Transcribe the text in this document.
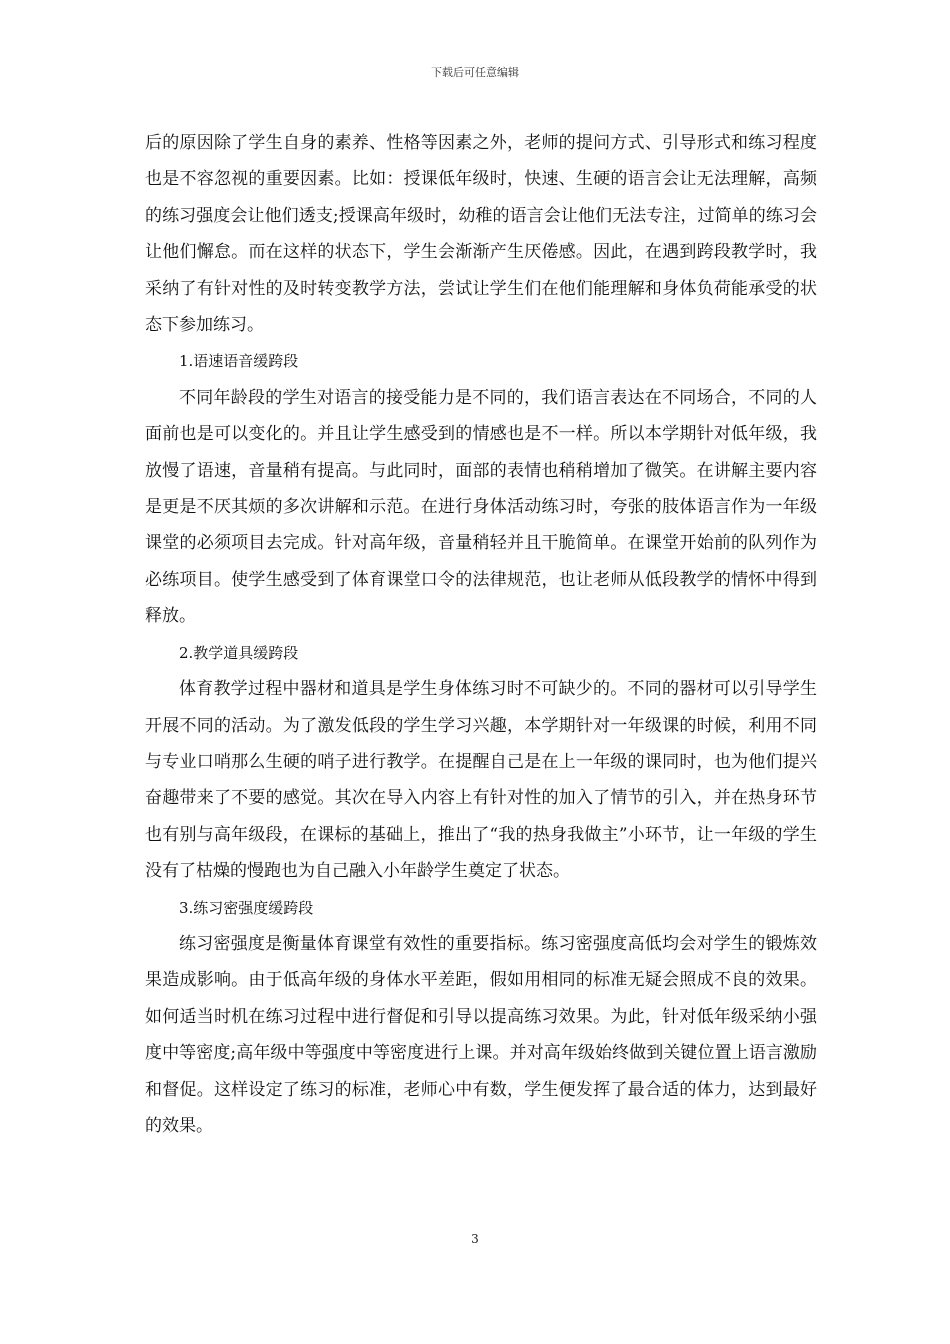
下载后可任意编辑

后的原因除了学生自身的素养、性格等因素之外，老师的提问方式、引导形式和练习程度也是不容忽视的重要因素。比如：授课低年级时，快速、生硬的语言会让无法理解，高频的练习强度会让他们透支;授课高年级时，幼稚的语言会让他们无法专注，过简单的练习会让他们懈怠。而在这样的状态下，学生会渐渐产生厌倦感。因此，在遇到跨段教学时，我采纳了有针对性的及时转变教学方法，尝试让学生们在他们能理解和身体负荷能承受的状态下参加练习。

1.语速语音缓跨段

不同年龄段的学生对语言的接受能力是不同的，我们语言表达在不同场合，不同的人面前也是可以变化的。并且让学生感受到的情感也是不一样。所以本学期针对低年级，我放慢了语速，音量稍有提高。与此同时，面部的表情也稍稍增加了微笑。在讲解主要内容是更是不厌其烦的多次讲解和示范。在进行身体活动练习时，夸张的肢体语言作为一年级课堂的必须项目去完成。针对高年级，音量稍轻并且干脆简单。在课堂开始前的队列作为必练项目。使学生感受到了体育课堂口令的法律规范，也让老师从低段教学的情怀中得到释放。

2.教学道具缓跨段

体育教学过程中器材和道具是学生身体练习时不可缺少的。不同的器材可以引导学生开展不同的活动。为了激发低段的学生学习兴趣，本学期针对一年级课的时候，利用不同与专业口哨那么生硬的哨子进行教学。在提醒自己是在上一年级的课同时，也为他们提兴奋趣带来了不要的感觉。其次在导入内容上有针对性的加入了情节的引入，并在热身环节也有别与高年级段，在课标的基础上，推出了“我的热身我做主”小环节，让一年级的学生没有了枯燥的慢跑也为自己融入小年龄学生奠定了状态。

3.练习密强度缓跨段

练习密强度是衡量体育课堂有效性的重要指标。练习密强度高低均会对学生的锻炼效果造成影响。由于低高年级的身体水平差距，假如用相同的标准无疑会照成不良的效果。如何适当时机在练习过程中进行督促和引导以提高练习效果。为此，针对低年级采纳小强度中等密度;高年级中等强度中等密度进行上课。并对高年级始终做到关键位置上语言激励和督促。这样设定了练习的标准，老师心中有数，学生便发挥了最合适的体力，达到最好的效果。

3
